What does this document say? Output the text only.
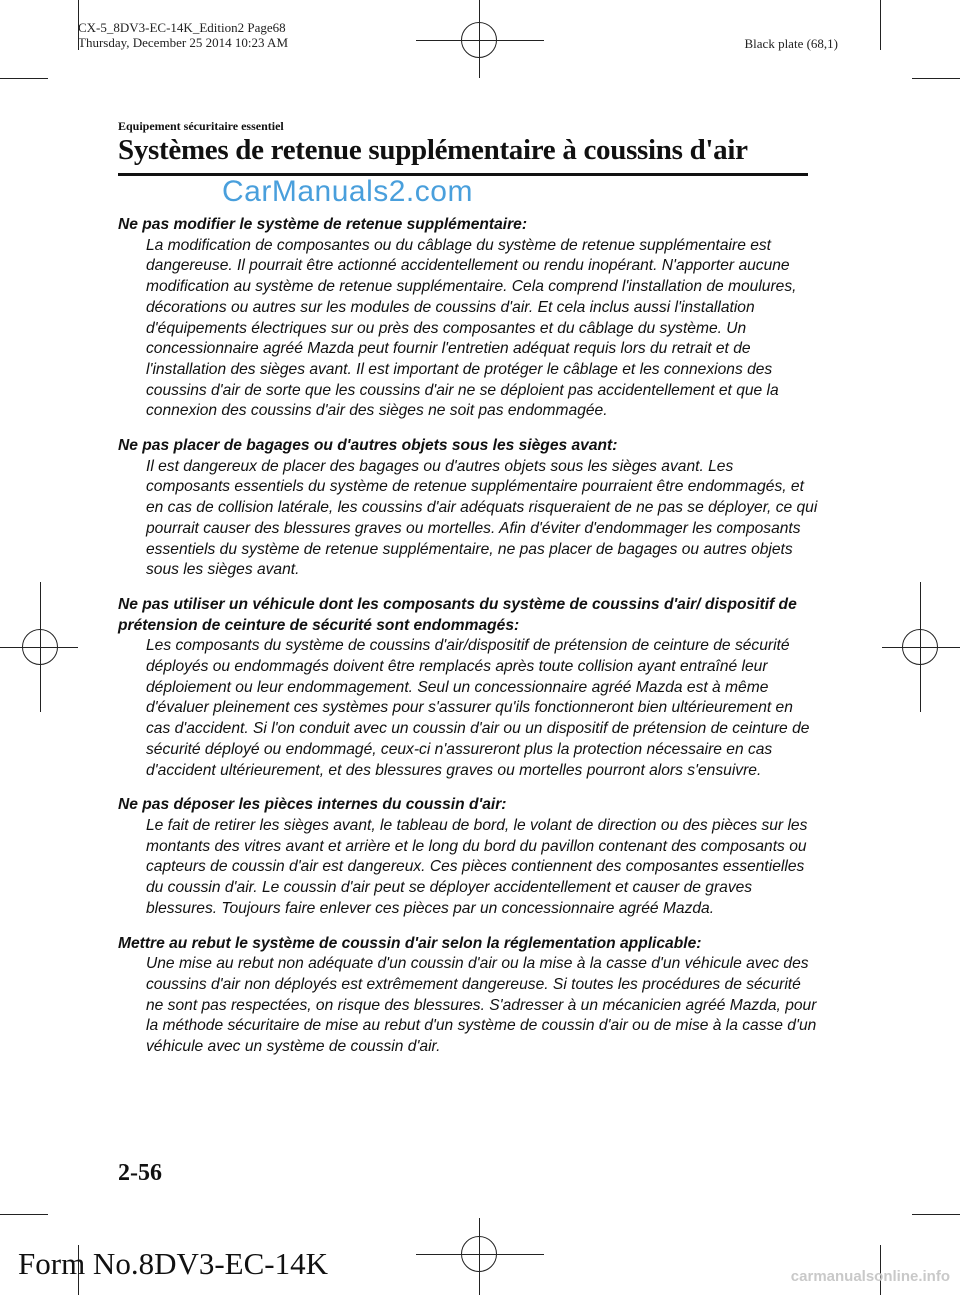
CX-5_8DV3-EC-14K_Edition2 Page68
Thursday, December 25 2014 10:23 AM	Black plate (68,1)
Equipement sécuritaire essentiel
Systèmes de retenue supplémentaire à coussins d'air
CarManuals2.com
Ne pas modifier le système de retenue supplémentaire:
La modification de composantes ou du câblage du système de retenue supplémentaire est dangereuse. Il pourrait être actionné accidentellement ou rendu inopérant. N'apporter aucune modification au système de retenue supplémentaire. Cela comprend l'installation de moulures, décorations ou autres sur les modules de coussins d'air. Et cela inclus aussi l'installation d'équipements électriques sur ou près des composantes et du câblage du système. Un concessionnaire agréé Mazda peut fournir l'entretien adéquat requis lors du retrait et de l'installation des sièges avant. Il est important de protéger le câblage et les connexions des coussins d'air de sorte que les coussins d'air ne se déploient pas accidentellement et que la connexion des coussins d'air des sièges ne soit pas endommagée.
Ne pas placer de bagages ou d'autres objets sous les sièges avant:
Il est dangereux de placer des bagages ou d'autres objets sous les sièges avant. Les composants essentiels du système de retenue supplémentaire pourraient être endommagés, et en cas de collision latérale, les coussins d'air adéquats risqueraient de ne pas se déployer, ce qui pourrait causer des blessures graves ou mortelles. Afin d'éviter d'endommager les composants essentiels du système de retenue supplémentaire, ne pas placer de bagages ou autres objets sous les sièges avant.
Ne pas utiliser un véhicule dont les composants du système de coussins d'air/ dispositif de prétension de ceinture de sécurité sont endommagés:
Les composants du système de coussins d'air/dispositif de prétension de ceinture de sécurité déployés ou endommagés doivent être remplacés après toute collision ayant entraîné leur déploiement ou leur endommagement. Seul un concessionnaire agréé Mazda est à même d'évaluer pleinement ces systèmes pour s'assurer qu'ils fonctionneront bien ultérieurement en cas d'accident. Si l'on conduit avec un coussin d'air ou un dispositif de prétension de ceinture de sécurité déployé ou endommagé, ceux-ci n'assureront plus la protection nécessaire en cas d'accident ultérieurement, et des blessures graves ou mortelles pourront alors s'ensuivre.
Ne pas déposer les pièces internes du coussin d'air:
Le fait de retirer les sièges avant, le tableau de bord, le volant de direction ou des pièces sur les montants des vitres avant et arrière et le long du bord du pavillon contenant des composants ou capteurs de coussin d'air est dangereux. Ces pièces contiennent des composantes essentielles du coussin d'air. Le coussin d'air peut se déployer accidentellement et causer de graves blessures. Toujours faire enlever ces pièces par un concessionnaire agréé Mazda.
Mettre au rebut le système de coussin d'air selon la réglementation applicable:
Une mise au rebut non adéquate d'un coussin d'air ou la mise à la casse d'un véhicule avec des coussins d'air non déployés est extrêmement dangereuse. Si toutes les procédures de sécurité ne sont pas respectées, on risque des blessures. S'adresser à un mécanicien agréé Mazda, pour la méthode sécuritaire de mise au rebut d'un système de coussin d'air ou de mise à la casse d'un véhicule avec un système de coussin d'air.
2-56
Form No.8DV3-EC-14K	carmanualsonline.info
